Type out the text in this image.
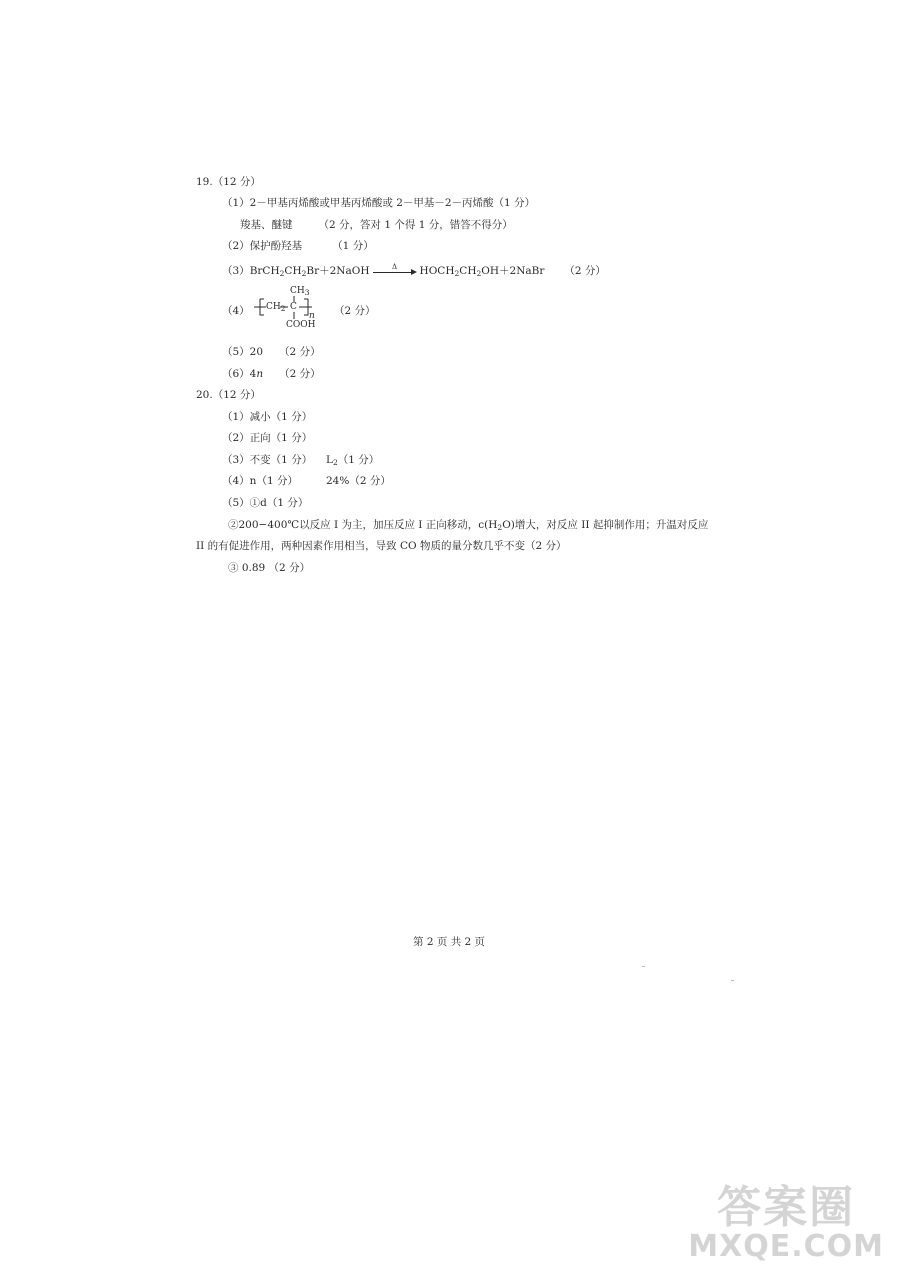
19.（12 分）
（1）2－甲基丙烯酸或甲基丙烯酸或 2－甲基－2－丙烯酸（1 分）
羧基、醚键 （2 分，答对 1 个得 1 分，错答不得分）
（2）保护酚羟基	（1 分）
$(3)BrCH_2CH_2Br+2NaOH$	Δ	$HOCH_2CH_2OH+2NaBr$ （2 分）
（4）
$CH_3$
$CH_2$ C
n
COOH
（2 分）
（5）20 （2 分）
（6）4n （2 分）
20.（12 分）
（1）减小（1 分）
（2）正向（1 分）
（3）不变（1 分） $L_2(1$ 分）
（4）n（1 分）	24%（2 分）
（5）①d（1 分）
②200−400℃以反应 I 为主，加压反应 I 正向移动，$c(H_2O)$增大，对反应 II 起抑制作用；升温对反应
II 的有促进作用，两种因素作用相当，导致 CO 物质的量分数几乎不变（2 分）
③ 0.89 （2 分）
第 2 页 共 2 页
答案圈
MXQE.COM
